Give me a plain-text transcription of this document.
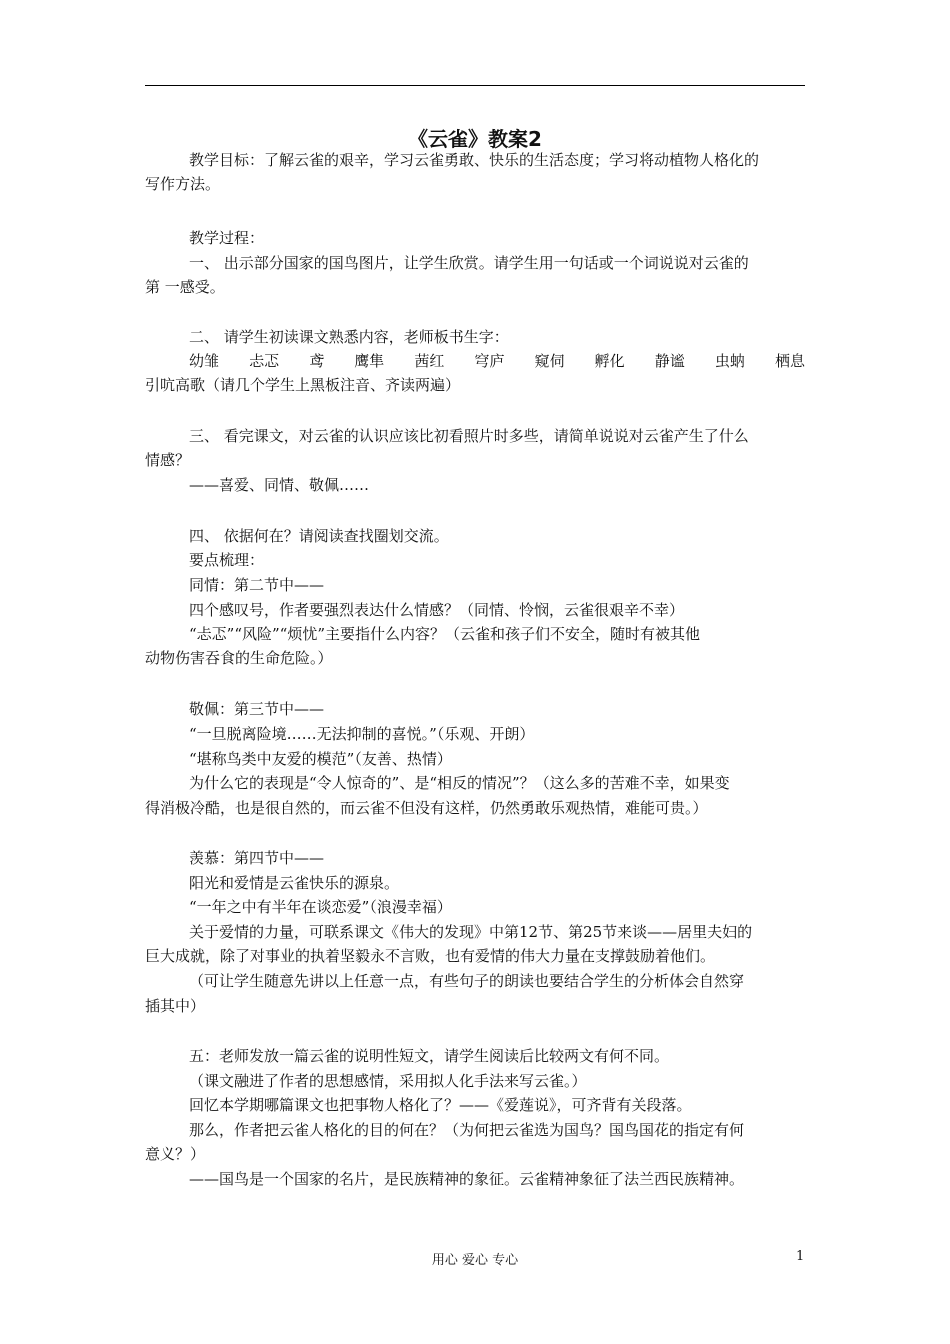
《云雀》教案2
教学目标：了解云雀的艰辛，学习云雀勇敢、快乐的生活态度；学习将动植物人格化的
写作方法。
教学过程：
一、 出示部分国家的国鸟图片，让学生欣赏。请学生用一句话或一个词说说对云雀的
第 一感受。
二、 请学生初读课文熟悉内容，老师板书生字：
幼雏 忐忑 鸢 鹰隼 茜红 穹庐 窥伺 孵化 静谧 虫蚋 栖息
引吭高歌（请几个学生上黑板注音、齐读两遍）
三、 看完课文，对云雀的认识应该比初看照片时多些，请简单说说对云雀产生了什么
情感？
——喜爱、同情、敬佩……
四、 依据何在？请阅读查找圈划交流。
要点梳理：
同情：第二节中——
四个感叹号，作者要强烈表达什么情感？（同情、怜悯，云雀很艰辛不幸）
“忐忑”“风险”“烦忧”主要指什么内容？（云雀和孩子们不安全，随时有被其他
动物伤害吞食的生命危险。）
敬佩：第三节中——
“一旦脱离险境……无法抑制的喜悦。”（乐观、开朗）
“堪称鸟类中友爱的模范”（友善、热情）
为什么它的表现是“令人惊奇的”、是“相反的情况”？（这么多的苦难不幸，如果变
得消极冷酷，也是很自然的，而云雀不但没有这样，仍然勇敢乐观热情，难能可贵。）
羡慕：第四节中——
阳光和爱情是云雀快乐的源泉。
“一年之中有半年在谈恋爱”（浪漫幸福）
关于爱情的力量，可联系课文《伟大的发现》中第12节、第25节来谈——居里夫妇的
巨大成就，除了对事业的执着坚毅永不言败，也有爱情的伟大力量在支撑鼓励着他们。
（可让学生随意先讲以上任意一点，有些句子的朗读也要结合学生的分析体会自然穿
插其中）
五：老师发放一篇云雀的说明性短文，请学生阅读后比较两文有何不同。
（课文融进了作者的思想感情，采用拟人化手法来写云雀。）
回忆本学期哪篇课文也把事物人格化了？——《爱莲说》，可齐背有关段落。
那么，作者把云雀人格化的目的何在？（为何把云雀选为国鸟？国鸟国花的指定有何
意义？）
——国鸟是一个国家的名片，是民族精神的象征。云雀精神象征了法兰西民族精神。
用心 爱心 专心	1
